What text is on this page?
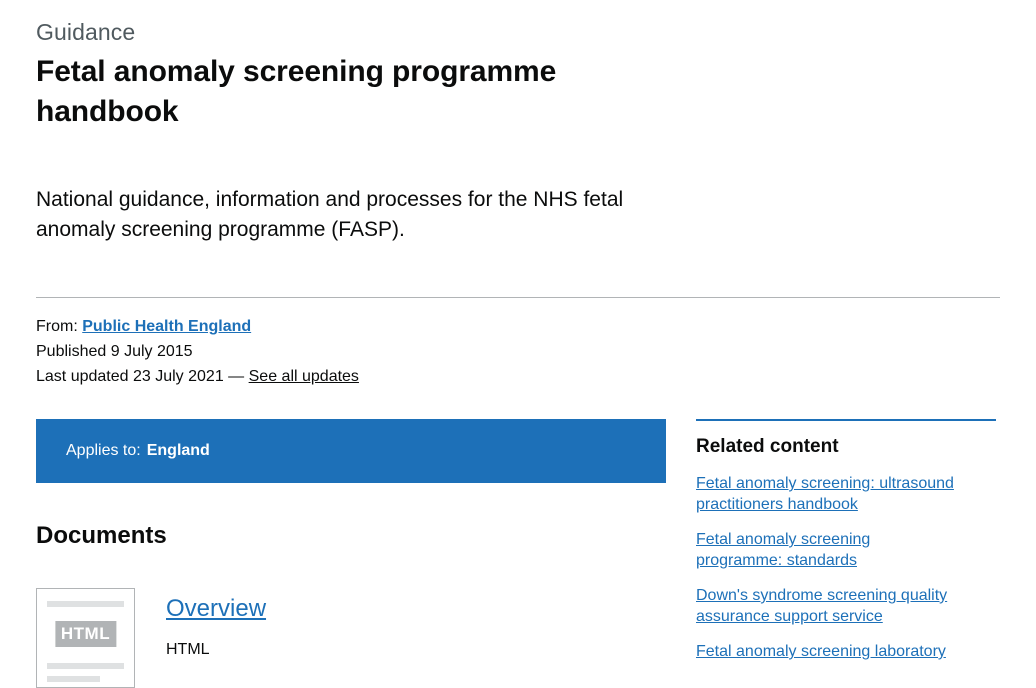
Guidance
Fetal anomaly screening programme handbook

National guidance, information and processes for the NHS fetal anomaly screening programme (FASP).

From: Public Health England
Published 9 July 2015
Last updated 23 July 2021 — See all updates
Applies to: England
Documents
HTML
Overview
HTML
Related content
Fetal anomaly screening: ultrasound practitioners handbook
Fetal anomaly screening programme: standards
Down's syndrome screening quality assurance support service
Fetal anomaly screening laboratory
